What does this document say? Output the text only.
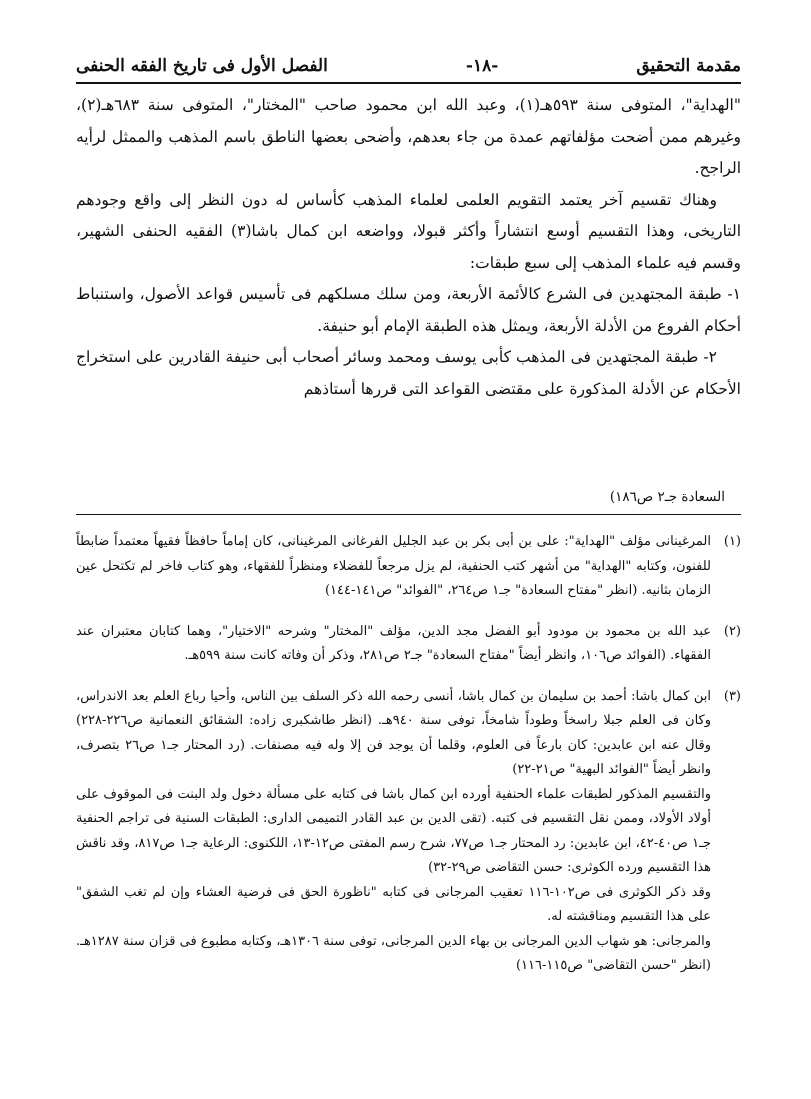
مقدمة التحقيق
-١٨-
الفصل الأول فى تاريخ الفقه الحنفى

"الهداية"، المتوفى سنة ٥٩٣هـ(١)، وعبد الله ابن محمود صاحب "المختار"، المتوفى سنة ٦٨٣هـ(٢)، وغيرهم ممن أضحت مؤلفاتهم عمدة من جاء بعدهم، وأضحى بعضها الناطق باسم المذهب والممثل لرأيه الراجح.

وهناك تقسيم آخر يعتمد التقويم العلمى لعلماء المذهب كأساس له دون النظر إلى واقع وجودهم التاريخى، وهذا التقسيم أوسع انتشاراً وأكثر قبولا، وواضعه ابن كمال باشا(٣) الفقيه الحنفى الشهير، وقسم فيه علماء المذهب إلى سبع طبقات:

١- طبقة المجتهدين فى الشرع كالأئمة الأربعة، ومن سلك مسلكهم فى تأسيس قواعد الأصول، واستنباط أحكام الفروع من الأدلة الأربعة، ويمثل هذه الطبقة الإمام أبو حنيفة.

٢- طبقة المجتهدين فى المذهب كأبى يوسف ومحمد وسائر أصحاب أبى حنيفة القادرين على استخراج الأحكام عن الأدلة المذكورة على مقتضى القواعد التى قررها أستاذهم

السعادة جـ٢ ص١٨٦)
(١)

المرغينانى مؤلف "الهداية": على بن أبى بكر بن عبد الجليل الفرغانى المرغينانى، كان إماماً حافظاً فقيهاً معتمداً ضابطاً للفنون، وكتابه "الهداية" من أشهر كتب الحنفية، لم يزل مرجعاً للفضلاء ومنظراً للفقهاء، وهو كتاب فاخر لم تكتحل عين الزمان بثانيه. (انظر "مفتاح السعادة" جـ١ ص٢٦٤، "الفوائد" ص١٤١-١٤٤)

(٢)

عبد الله بن محمود بن مودود أبو الفضل مجد الدين، مؤلف "المختار" وشرحه "الاختيار"، وهما كتابان معتبران عند الفقهاء. (الفوائد ص١٠٦، وانظر أيضاً "مفتاح السعادة" جـ٢ ص٢٨١، وذكر أن وفاته كانت سنة ٥٩٩هـ.

(٣)

ابن كمال باشا: أحمد بن سليمان بن كمال باشا، أنسى رحمه الله ذكر السلف بين الناس، وأحيا رباع العلم بعد الاندراس، وكان فى العلم جبلا راسخاً وطوداً شامخاً، توفى سنة ٩٤٠هـ. (انظر طاشكبرى زاده: الشقائق النعمانية ص٢٢٦-٢٢٨) وقال عنه ابن عابدين: كان بارعاً فى العلوم، وقلما أن يوجد فن إلا وله فيه مصنفات. (رد المحتار جـ١ ص٢٦ بتصرف، وانظر أيضاً "الفوائد البهية" ص٢١-٢٢)

والتقسيم المذكور لطبقات علماء الحنفية أورده ابن كمال باشا فى كتابه على مسألة دخول ولد البنت فى الموقوف على أولاد الأولاد، وممن نقل التقسيم فى كتبه. (تقى الدين بن عبد القادر التميمى الدارى: الطبقات السنية فى تراجم الحنفية جـ١ ص٤٠-٤٢، ابن عابدين: رد المحتار جـ١ ص٧٧، شرح رسم المفتى ص١٢-١٣، اللكنوى: الرعاية جـ١ ص٨١٧، وقد ناقش هذا التقسيم ورده الكوثرى: حسن التقاضى ص٢٩-٣٢)

وقد ذكر الكوثرى فى ص١٠٢-١١٦ تعقيب المرجانى فى كتابه "ناظورة الحق فى فرضية العشاء وإن لم تغب الشفق" على هذا التقسيم ومناقشته له.

والمرجانى: هو شهاب الدين المرجانى بن بهاء الدين المرجانى، توفى سنة ١٣٠٦هـ، وكتابه مطبوع فى قزان سنة ١٢٨٧هـ. (انظر "حسن التقاضى" ص١١٥-١١٦)
